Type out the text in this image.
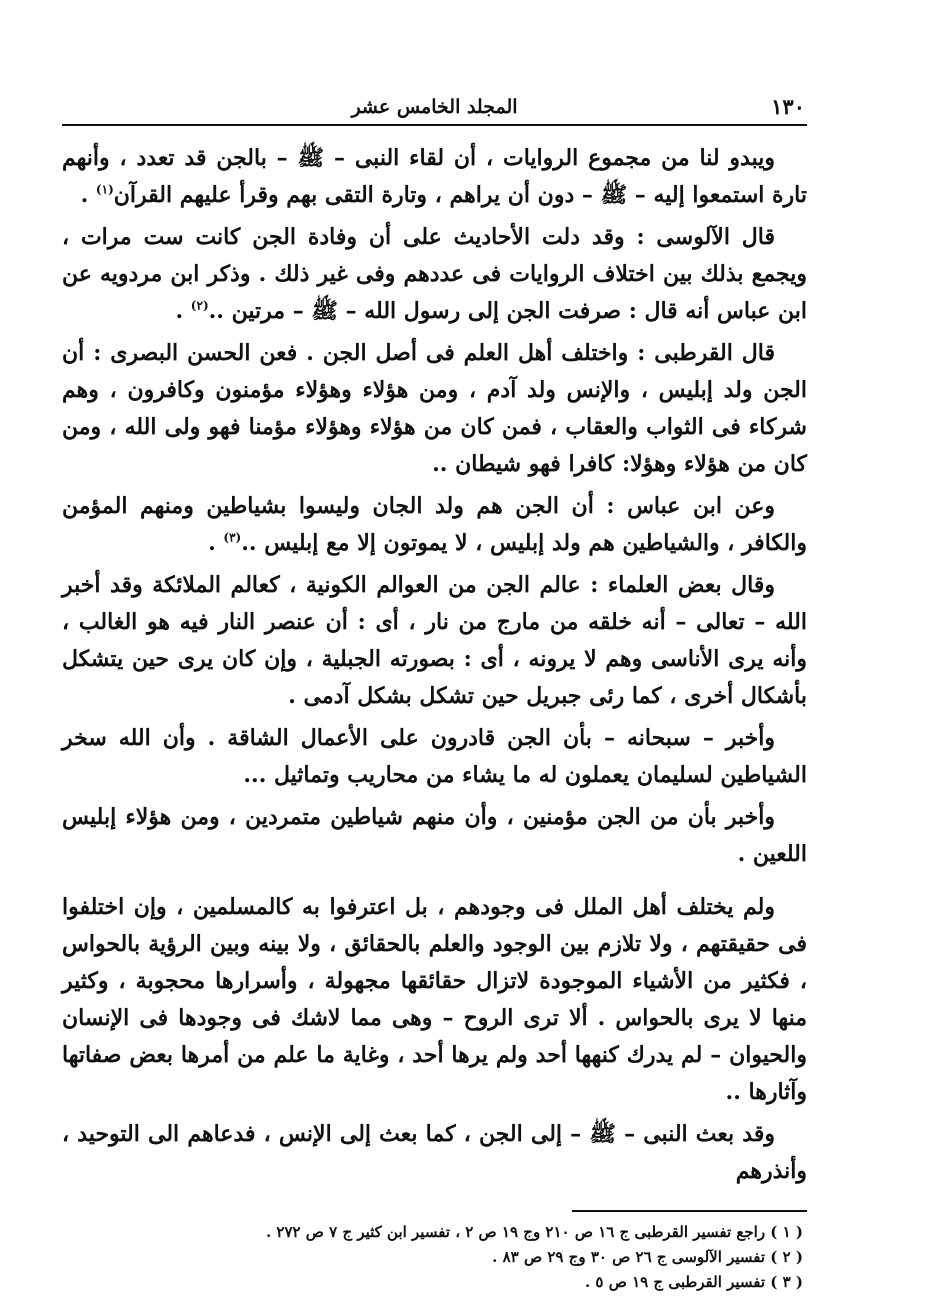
١٣٠
المجلد الخامس عشر

ويبدو لنا من مجموع الروايات ، أن لقاء النبى – ﷺ – بالجن قد تعدد ، وأنهم تارة استمعوا إليه – ﷺ – دون أن يراهم ، وتارة التقى بهم وقرأ عليهم القرآن$^{(١)}$ .

قال الآلوسى : وقد دلت الأحاديث على أن وفادة الجن كانت ست مرات ، ويجمع بذلك بين اختلاف الروايات فى عددهم وفى غير ذلك . وذكر ابن مردويه عن ابن عباس أنه قال : صرفت الجن إلى رسول الله – ﷺ – مرتين ..$^{(٢)}$ .

قال القرطبى : واختلف أهل العلم فى أصل الجن . فعن الحسن البصرى : أن الجن ولد إبليس ، والإنس ولد آدم ، ومن هؤلاء وهؤلاء مؤمنون وكافرون ، وهم شركاء فى الثواب والعقاب ، فمن كان من هؤلاء وهؤلاء مؤمنا فهو ولى الله ، ومن كان من هؤلاء وهؤلا: كافرا فهو شيطان ..

وعن ابن عباس : أن الجن هم ولد الجان وليسوا بشياطين ومنهم المؤمن والكافر ، والشياطين هم ولد إبليس ، لا يموتون إلا مع إبليس ..$^{(٣)}$ .

وقال بعض العلماء : عالم الجن من العوالم الكونية ، كعالم الملائكة وقد أخبر الله – تعالى – أنه خلقه من مارج من نار ، أى : أن عنصر النار فيه هو الغالب ، وأنه يرى الأناسى وهم لا يرونه ، أى : بصورته الجبلية ، وإن كان يرى حين يتشكل بأشكال أخرى ، كما رئى جبريل حين تشكل بشكل آدمى .

وأخبر – سبحانه – بأن الجن قادرون على الأعمال الشاقة . وأن الله سخر الشياطين لسليمان يعملون له ما يشاء من محاريب وتماثيل ...

وأخبر بأن من الجن مؤمنين ، وأن منهم شياطين متمردين ، ومن هؤلاء إبليس اللعين .

ولم يختلف أهل الملل فى وجودهم ، بل اعترفوا به كالمسلمين ، وإن اختلفوا فى حقيقتهم ، ولا تلازم بين الوجود والعلم بالحقائق ، ولا بينه وبين الرؤية بالحواس ، فكثير من الأشياء الموجودة لاتزال حقائقها مجهولة ، وأسرارها محجوبة ، وكثير منها لا يرى بالحواس . ألا ترى الروح – وهى مما لاشك فى وجودها فى الإنسان والحيوان – لم يدرك كنهها أحد ولم يرها أحد ، وغاية ما علم من أمرها بعض صفاتها وآثارها ..

وقد بعث النبى – ﷺ – إلى الجن ، كما بعث إلى الإنس ، فدعاهم الى التوحيد ، وأنذرهم

( ١ ) راجع تفسير القرطبى ج ١٦ ص ٢١٠ وج ١٩ ص ٢ ، تفسير ابن كثير ج ٧ ص ٢٧٢ .

( ٢ ) تفسير الآلوسى ج ٢٦ ص ٣٠ وج ٢٩ ص ٨٣ .

( ٣ ) تفسير القرطبى ج ١٩ ص ٥ .
